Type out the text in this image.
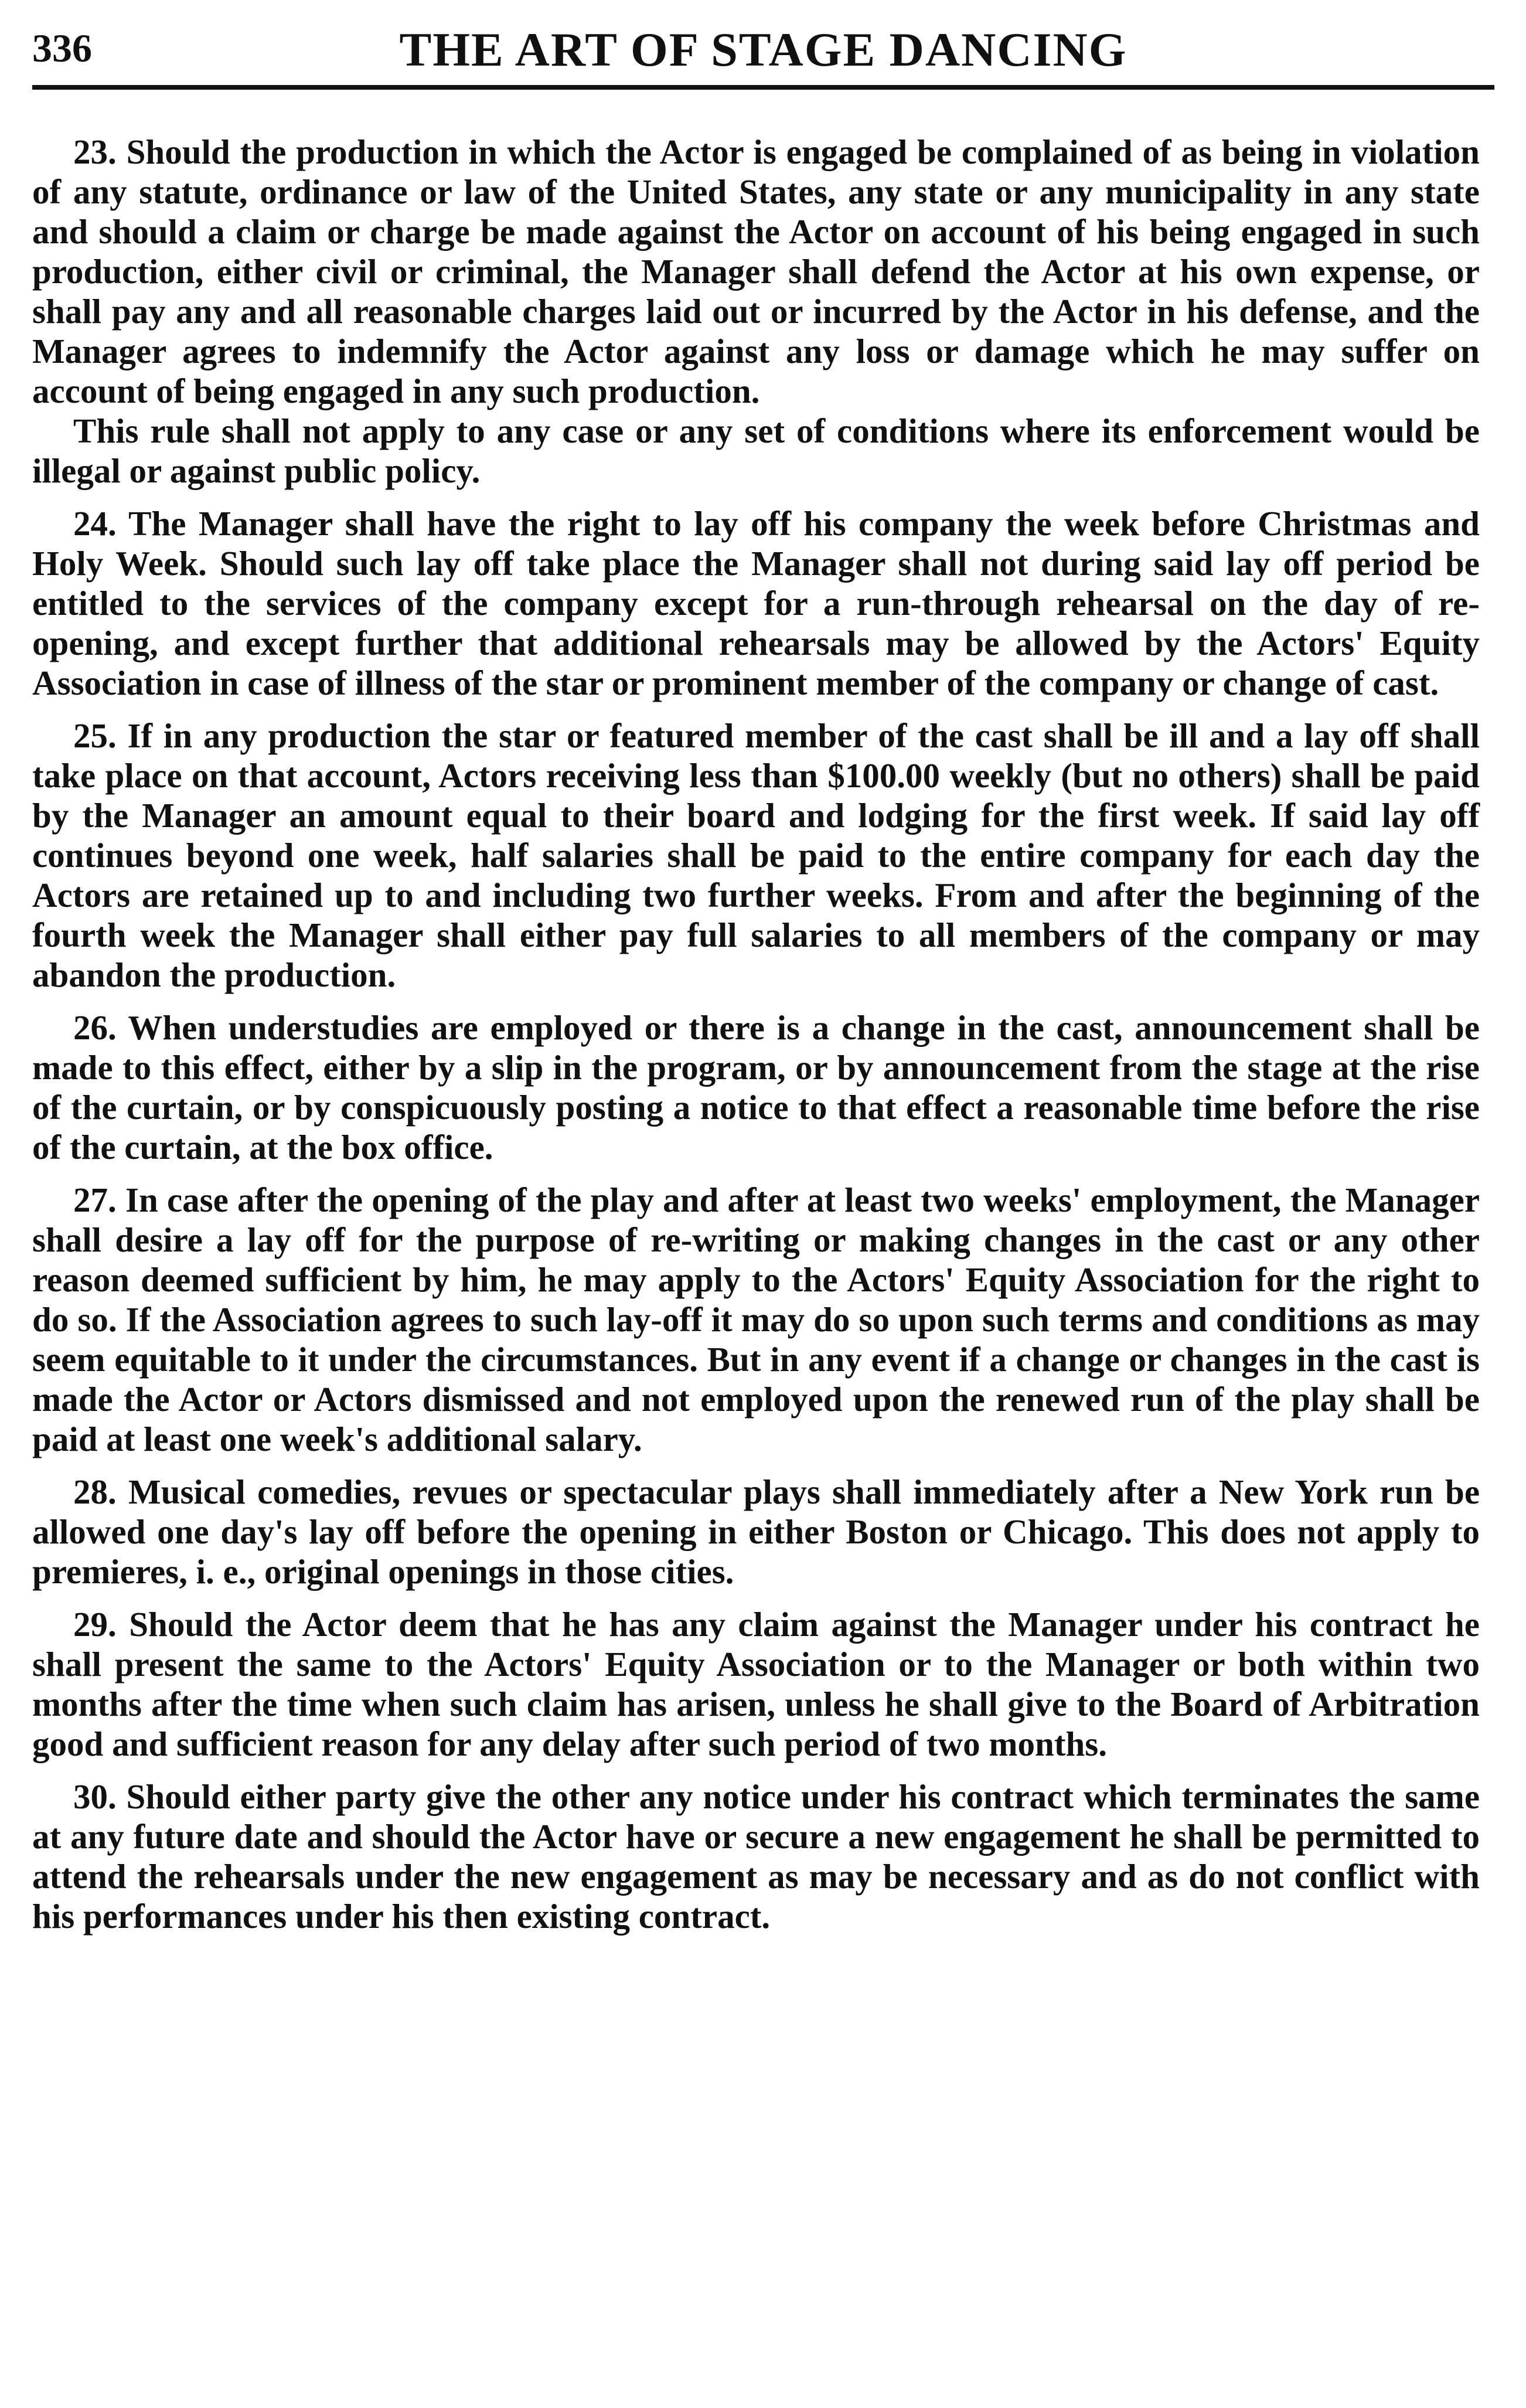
336	THE ART OF STAGE DANCING

23. Should the production in which the Actor is engaged be complained of as being in violation of any statute, ordinance or law of the United States, any state or any municipality in any state and should a claim or charge be made against the Actor on account of his being engaged in such production, either civil or criminal, the Manager shall defend the Actor at his own expense, or shall pay any and all reasonable charges laid out or incurred by the Actor in his defense, and the Manager agrees to indemnify the Actor against any loss or damage which he may suffer on account of being engaged in any such production.

This rule shall not apply to any case or any set of conditions where its enforcement would be illegal or against public policy.

24. The Manager shall have the right to lay off his company the week before Christmas and Holy Week. Should such lay off take place the Manager shall not during said lay off period be entitled to the services of the company except for a run-through rehearsal on the day of re-opening, and except further that additional rehearsals may be allowed by the Actors' Equity Association in case of illness of the star or prominent member of the company or change of cast.

25. If in any production the star or featured member of the cast shall be ill and a lay off shall take place on that account, Actors receiving less than $100.00 weekly (but no others) shall be paid by the Manager an amount equal to their board and lodging for the first week. If said lay off continues beyond one week, half salaries shall be paid to the entire company for each day the Actors are retained up to and including two further weeks. From and after the beginning of the fourth week the Manager shall either pay full salaries to all members of the company or may abandon the production.

26. When understudies are employed or there is a change in the cast, announcement shall be made to this effect, either by a slip in the program, or by announcement from the stage at the rise of the curtain, or by conspicuously posting a notice to that effect a reasonable time before the rise of the curtain, at the box office.

27. In case after the opening of the play and after at least two weeks' employment, the Manager shall desire a lay off for the purpose of re-writing or making changes in the cast or any other reason deemed sufficient by him, he may apply to the Actors' Equity Association for the right to do so. If the Association agrees to such lay-off it may do so upon such terms and conditions as may seem equitable to it under the circumstances. But in any event if a change or changes in the cast is made the Actor or Actors dismissed and not employed upon the renewed run of the play shall be paid at least one week's additional salary.

28. Musical comedies, revues or spectacular plays shall immediately after a New York run be allowed one day's lay off before the opening in either Boston or Chicago. This does not apply to premieres, i. e., original openings in those cities.

29. Should the Actor deem that he has any claim against the Manager under his contract he shall present the same to the Actors' Equity Association or to the Manager or both within two months after the time when such claim has arisen, unless he shall give to the Board of Arbitration good and sufficient reason for any delay after such period of two months.

30. Should either party give the other any notice under his contract which terminates the same at any future date and should the Actor have or secure a new engagement he shall be permitted to attend the rehearsals under the new engagement as may be necessary and as do not conflict with his performances under his then existing contract.
